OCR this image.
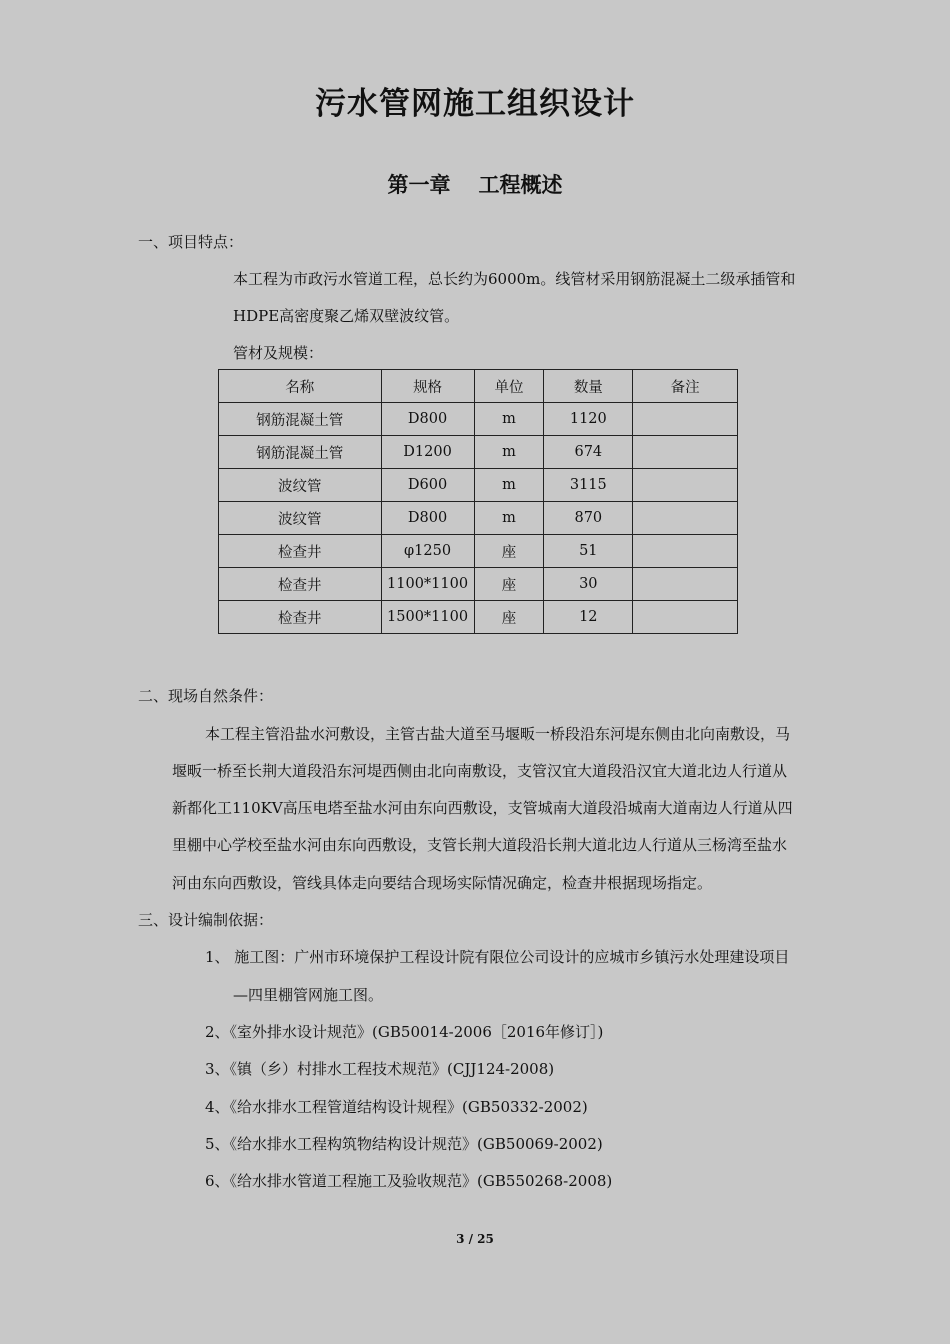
污水管网施工组织设计
第一章 工程概述
一、项目特点：
本工程为市政污水管道工程，总长约为6000m。线管材采用钢筋混凝土二级承插管和
HDPE高密度聚乙烯双壁波纹管。
管材及规模：
名称	规格	单位	数量	备注
钢筋混凝土管	D800	m	1120	
钢筋混凝土管	D1200	m	674	
波纹管	D600	m	3115	
波纹管	D800	m	870	
检查井	φ1250	座	51	
检查井	1100*1100	座	30	
检查井	1500*1100	座	12	
二、现场自然条件：
本工程主管沿盐水河敷设，主管古盐大道至马堰畈一桥段沿东河堤东侧由北向南敷设，马
堰畈一桥至长荆大道段沿东河堤西侧由北向南敷设，支管汉宜大道段沿汉宜大道北边人行道从
新都化工110KV高压电塔至盐水河由东向西敷设，支管城南大道段沿城南大道南边人行道从四
里棚中心学校至盐水河由东向西敷设，支管长荆大道段沿长荆大道北边人行道从三杨湾至盐水
河由东向西敷设，管线具体走向要结合现场实际情况确定，检查井根据现场指定。
三、设计编制依据：
1、 施工图：广州市环境保护工程设计院有限位公司设计的应城市乡镇污水处理建设项目
—四里棚管网施工图。
2、《室外排水设计规范》(GB50014-2006［2016年修订］)
3、《镇（乡）村排水工程技术规范》(CJJ124-2008)
4、《给水排水工程管道结构设计规程》(GB50332-2002)
5、《给水排水工程构筑物结构设计规范》(GB50069-2002)
6、《给水排水管道工程施工及验收规范》(GB550268-2008)
3 / 25
